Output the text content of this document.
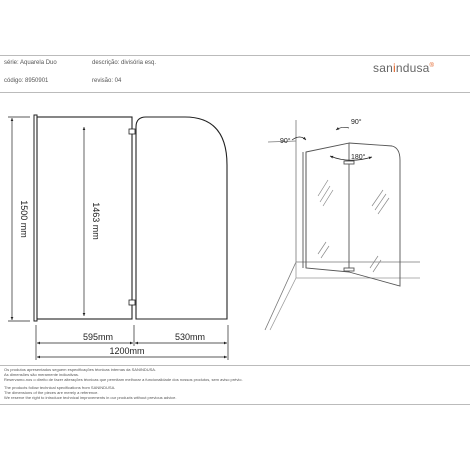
série: Aquarela Duo	descrição: divisória esq.
código: 8950901	revisão: 04
sanindusa®
1500 mm	1463 mm
595mm	530mm
1200mm
90°
90°
180°
Os produtos apresentados seguem especificações técnicas internas da SANINDUSA.
As dimensões são meramente indicativas.
Reservamo-nos o direito de fazer alterações técnicas que permitam melhorar a funcionalidade dos nossos produtos, sem aviso prévio.
The products follow technical specifications from SANINDUSA.
The dimensions of the pieces are merely a reference.
We reserve the right to introduce technical improvements in our products without previous advice.
